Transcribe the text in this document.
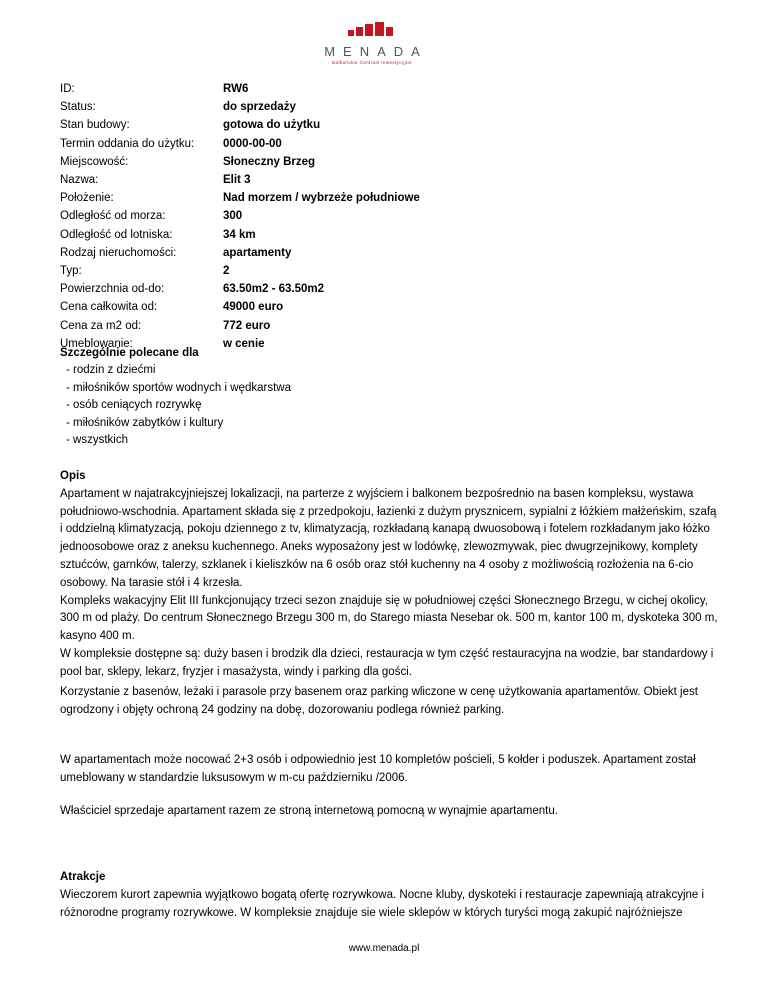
MENADA
Bałkańskie Centrum Inwestycyjne
ID:	RW6
Status:	do sprzedaży
Stan budowy:	gotowa do użytku
Termin oddania do użytku:	0000-00-00
Miejscowość:	Słoneczny Brzeg
Nazwa:	Elit 3
Położenie:	Nad morzem / wybrzeże południowe
Odległość od morza:	300
Odległość od lotniska:	34 km
Rodzaj nieruchomości:	apartamenty
Typ:	2
Powierzchnia od-do:	63.50m2 - 63.50m2
Cena całkowita od:	49000 euro
Cena za m2 od:	772 euro
Umeblowanie:	w cenie
Szczególnie polecane dla
- rodzin z dziećmi
- miłośników sportów wodnych i wędkarstwa
- osób ceniących rozrywkę
- miłośników zabytków i kultury
- wszystkich
Opis

Apartament w najatrakcyjniejszej lokalizacji, na parterze z wyjściem i balkonem bezpośrednio na basen kompleksu, wystawa południowo-wschodnia. Apartament składa się z przedpokoju, łazienki z dużym prysznicem, sypialni z łóżkiem małżeńskim, szafą i oddzielną klimatyzacją, pokoju dziennego z tv, klimatyzacją, rozkładaną kanapą dwuosobową i fotelem rozkładanym jako łóżko jednoosobowe oraz z aneksu kuchennego. Aneks wyposażony jest w lodówkę, zlewozmywak, piec dwugrzejnikowy, komplety sztućców, garnków, talerzy, szklanek i kieliszków na 6 osób oraz stół kuchenny na 4 osoby z możliwością rozłożenia na 6-cio osobowy. Na tarasie stół i 4 krzesła.

Kompleks wakacyjny Elit III funkcjonujący trzeci sezon znajduje się w południowej części Słonecznego Brzegu, w cichej okolicy, 300 m od plaży. Do centrum Słonecznego Brzegu 300 m, do Starego miasta Nesebar ok. 500 m, kantor 100 m, dyskoteka 300 m, kasyno 400 m.

W kompleksie dostępne są: duży basen i brodzik dla dzieci, restauracja w tym część restauracyjna na wodzie, bar standardowy i pool bar, sklepy, lekarz, fryzjer i masażysta, windy i parking dla gości.

Korzystanie z basenów, leżaki i parasole przy basenem oraz parking wliczone w cenę użytkowania apartamentów. Obiekt jest ogrodzony i objęty ochroną 24 godziny na dobę, dozorowaniu podlega również parking.

W apartamentach może nocować 2+3 osób i odpowiednio jest 10 kompletów pościeli, 5 kołder i poduszek. Apartament został umeblowany w standardzie luksusowym w m-cu październiku /2006.

Właściciel sprzedaje apartament razem ze stroną internetową pomocną w wynajmie apartamentu.

Atrakcje

Wieczorem kurort zapewnia wyjątkowo bogatą ofertę rozrywkowa. Nocne kluby, dyskoteki i restauracje zapewniają atrakcyjne i różnorodne programy rozrywkowe. W kompleksie znajduje sie wiele sklepów w których turyści mogą zakupić najróżniejsze

www.menada.pl
